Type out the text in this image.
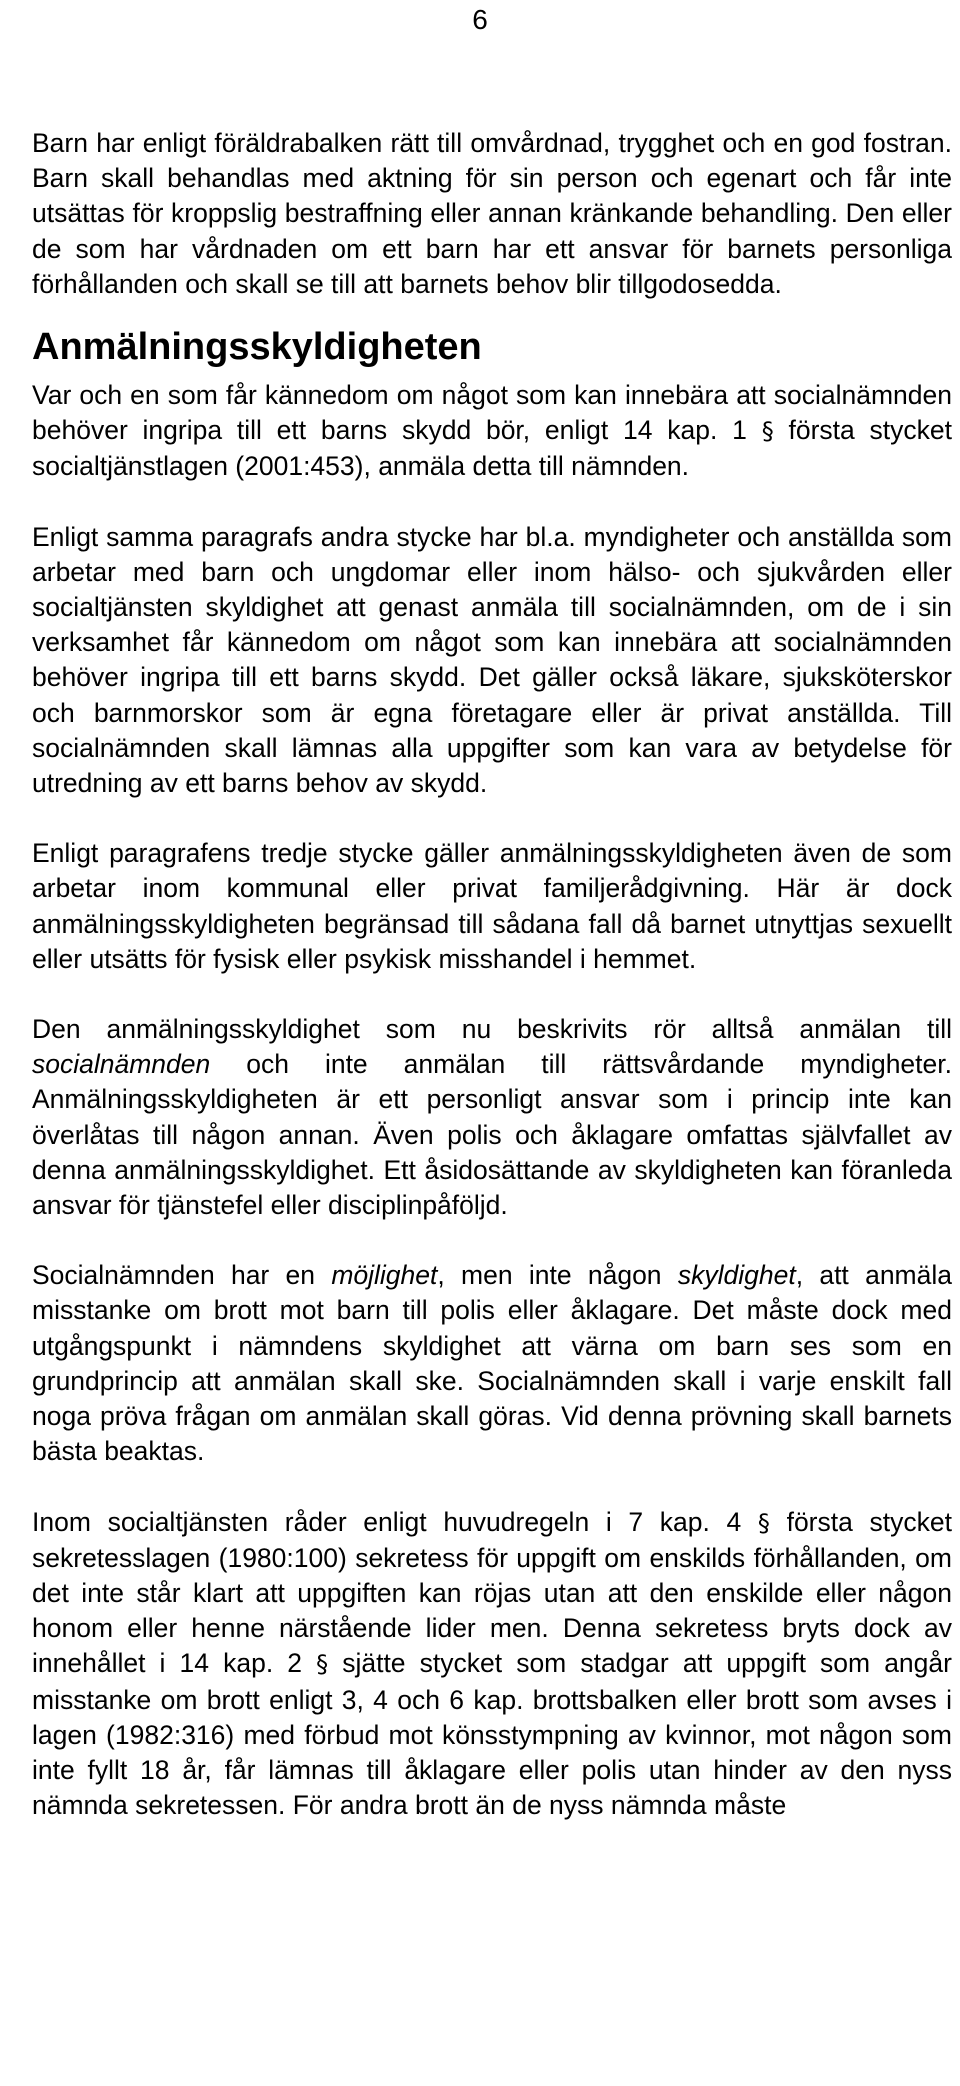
6

Barn har enligt föräldrabalken rätt till omvårdnad, trygghet och en god fostran. Barn skall behandlas med aktning för sin person och egenart och får inte utsättas för kroppslig bestraffning eller annan kränkande behandling. Den eller de som har vårdnaden om ett barn har ett ansvar för barnets personliga förhållanden och skall se till att barnets behov blir tillgodosedda.

Anmälningsskyldigheten

Var och en som får kännedom om något som kan innebära att socialnämnden behöver ingripa till ett barns skydd bör, enligt 14 kap. 1 § första stycket socialtjänstlagen (2001:453), anmäla detta till nämnden.

Enligt samma paragrafs andra stycke har bl.a. myndigheter och anställda som arbetar med barn och ungdomar eller inom hälso- och sjukvården eller socialtjänsten skyldighet att genast anmäla till socialnämnden, om de i sin verksamhet får kännedom om något som kan innebära att socialnämnden behöver ingripa till ett barns skydd. Det gäller också läkare, sjuksköterskor och barnmorskor som är egna företagare eller är privat anställda. Till socialnämnden skall lämnas alla uppgifter som kan vara av betydelse för utredning av ett barns behov av skydd.

Enligt paragrafens tredje stycke gäller anmälningsskyldigheten även de som arbetar inom kommunal eller privat familjerådgivning. Här är dock anmälningsskyldigheten begränsad till sådana fall då barnet utnyttjas sexuellt eller utsätts för fysisk eller psykisk misshandel i hemmet.

Den anmälningsskyldighet som nu beskrivits rör alltså anmälan till socialnämnden och inte anmälan till rättsvårdande myndigheter. Anmälningsskyldigheten är ett personligt ansvar som i princip inte kan överlåtas till någon annan. Även polis och åklagare omfattas självfallet av denna anmälningsskyldighet. Ett åsidosättande av skyldigheten kan föranleda ansvar för tjänstefel eller disciplinpåföljd.

Socialnämnden har en möjlighet, men inte någon skyldighet, att anmäla misstanke om brott mot barn till polis eller åklagare. Det måste dock med utgångspunkt i nämndens skyldighet att värna om barn ses som en grundprincip att anmälan skall ske. Socialnämnden skall i varje enskilt fall noga pröva frågan om anmälan skall göras. Vid denna prövning skall barnets bästa beaktas.

Inom socialtjänsten råder enligt huvudregeln i 7 kap. 4 § första stycket sekretesslagen (1980:100) sekretess för uppgift om enskilds förhållanden, om det inte står klart att uppgiften kan röjas utan att den enskilde eller någon honom eller henne närstående lider men. Denna sekretess bryts dock av innehållet i 14 kap. 2 § sjätte stycket som stadgar att uppgift som angår misstanke om brott enligt 3, 4 och 6 kap. brottsbalken eller brott som avses i lagen (1982:316) med förbud mot könsstympning av kvinnor, mot någon som inte fyllt 18 år, får lämnas till åklagare eller polis utan hinder av den nyss nämnda sekretessen. För andra brott än de nyss nämnda måste
